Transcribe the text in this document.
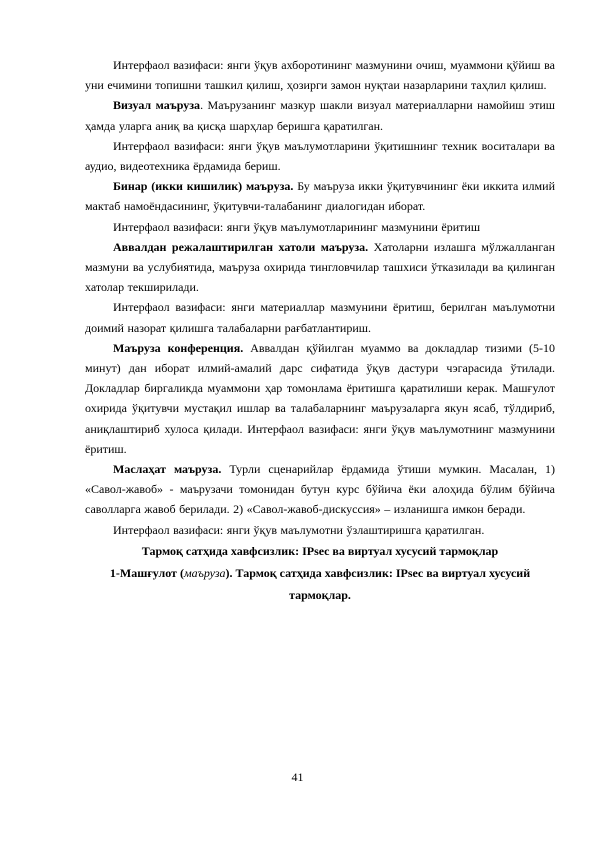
Интерфаол вазифаси: янги ўқув ахборотининг мазмунини очиш, муаммони қўйиш ва уни ечимини топишни ташкил қилиш, ҳозирги замон нуқтаи назарларини таҳлил қилиш.

Визуал маъруза. Маърузанинг мазкур шакли визуал материалларни намойиш этиш ҳамда уларга аниқ ва қисқа шарҳлар беришга қаратилган.

Интерфаол вазифаси: янги ўқув маълумотларини ўқитишнинг техник воситалари ва аудио, видеотехника ёрдамида бериш.

Бинар (икки кишилик) маъруза. Бу маъруза икки ўқитувчининг ёки иккита илмий мактаб намоёндасининг, ўқитувчи-талабанинг диалогидан иборат.

Интерфаол вазифаси: янги ўқув маълумотларининг мазмунини ёритиш

Аввалдан режалаштирилган хатоли маъруза. Хатоларни излашга мўлжалланган мазмуни ва услубиятида, маъруза охирида тингловчилар ташхиси ўтказилади ва қилинган хатолар текширилади.

Интерфаол вазифаси: янги материаллар мазмунини ёритиш, берилган маълумотни доимий назорат қилишга талабаларни рағбатлантириш.

Маъруза конференция. Аввалдан қўйилган муаммо ва докладлар тизими (5-10 минут) дан иборат илмий-амалий дарс сифатида ўқув дастури чэгарасида ўтилади. Докладлар биргаликда муаммони ҳар томонлама ёритишга қаратилиши керак. Машғулот охирида ўқитувчи мустақил ишлар ва талабаларнинг маърузаларга якун ясаб, тўлдириб, аниқлаштириб хулоса қилади. Интерфаол вазифаси: янги ўқув маълумотнинг мазмунини ёритиш.

Маслаҳат маъруза. Турли сценарийлар ёрдамида ўтиши мумкин. Масалан, 1) «Савол-жавоб» - маърузачи томонидан бутун курс бўйича ёки алоҳида бўлим бўйича саволларга жавоб берилади. 2) «Савол-жавоб-дискуссия» – изланишга имкон беради.

Интерфаол вазифаси: янги ўқув маълумотни ўзлаштиришга қаратилган.

Тармоқ сатҳида хавфсизлик: IPsec ва виртуал хусусий тармоқлар

1-Машғулот (маъруза). Тармоқ сатҳида хавфсизлик: IPsec ва виртуал хусусий тармоқлар.

41
